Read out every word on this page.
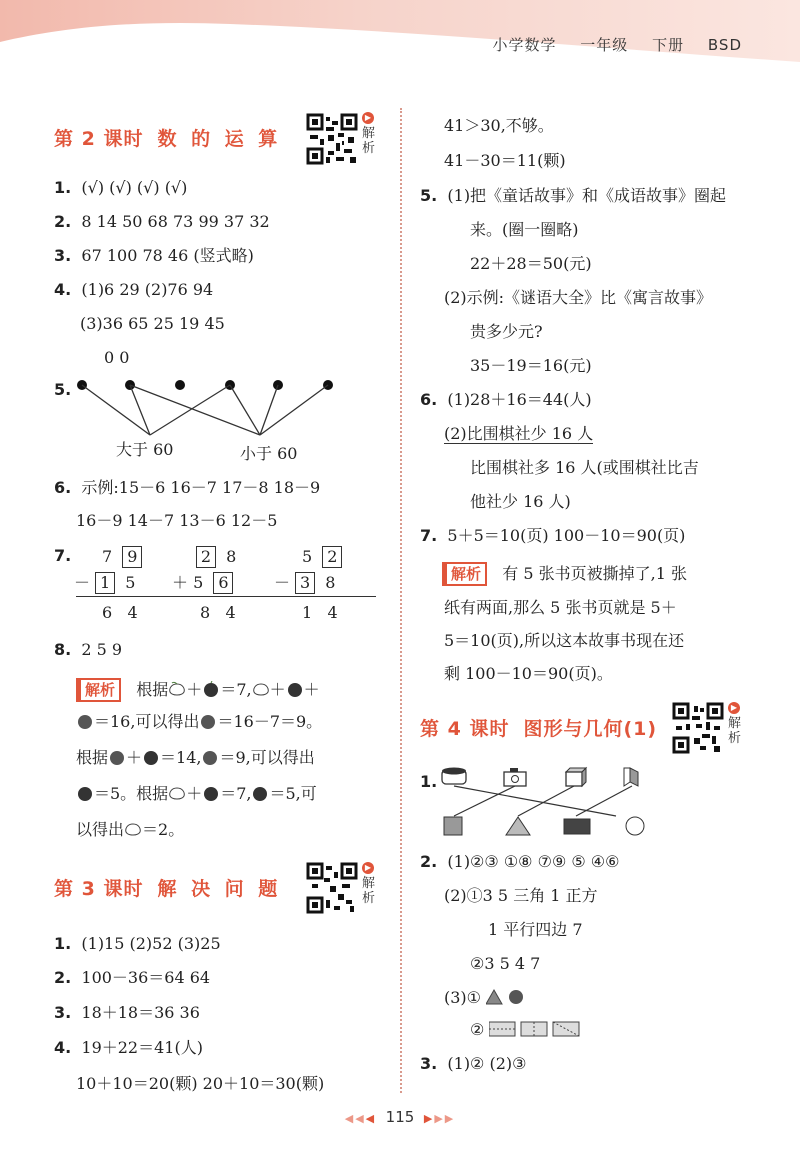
小学数学 一年级 下册 BSD
第 2 课时 数 的 运 算
▶
解析
1. (√) (√) (√) (√)
2. 8 14 50 68 73 99 37 32
3. 67 100 78 46 (竖式略)
4. (1)6 29 (2)76 94
(3)36 65 25 19 45
0 0
5.
大于 60	小于 60
6. 示例:15－6 16－7 17－8 18－9
16－9 14－7 13－6 12－5
7.	7 9
－ 1 5
6 4
2 8
＋ 5 6
8 4
5 2
－ 3 8
1 4
8. 2 5 9
解析 根据 ＋ ＝7, ＋ ＋
＝16,可以得出 ＝16－7＝9。
根据 ＋ ＝14, ＝9,可以得出
＝5。根据 ＋ ＝7, ＝5,可
以得出 ＝2。
第 3 课时 解 决 问 题
▶
解析
1. (1)15 (2)52 (3)25
2. 100－36＝64 64
3. 18＋18＝36 36
4. 19＋22＝41(人)
10＋10＝20(颗) 20＋10＝30(颗)
41＞30,不够。
41－30＝11(颗)
5. (1)把《童话故事》和《成语故事》圈起
来。(圈一圈略)
22＋28＝50(元)
(2)示例:《谜语大全》比《寓言故事》
贵多少元?
35－19＝16(元)
6. (1)28＋16＝44(人)
(2)比围棋社少 16 人
比围棋社多 16 人(或围棋社比吉
他社少 16 人)
7. 5＋5＝10(页) 100－10＝90(页)
解析 有 5 张书页被撕掉了,1 张
纸有两面,那么 5 张书页就是 5＋
5＝10(页),所以这本故事书现在还
剩 100－10＝90(页)。
第 4 课时 图形与几何(1)
▶
解析
1.
2. (1)②③ ①⑧ ⑦⑨ ⑤ ④⑥
(2)①3 5 三角 1 正方
1 平行四边 7
②3 5 4 7
(3)①
②
3. (1)② (2)③
◀◀◀ 115 ▶▶▶
